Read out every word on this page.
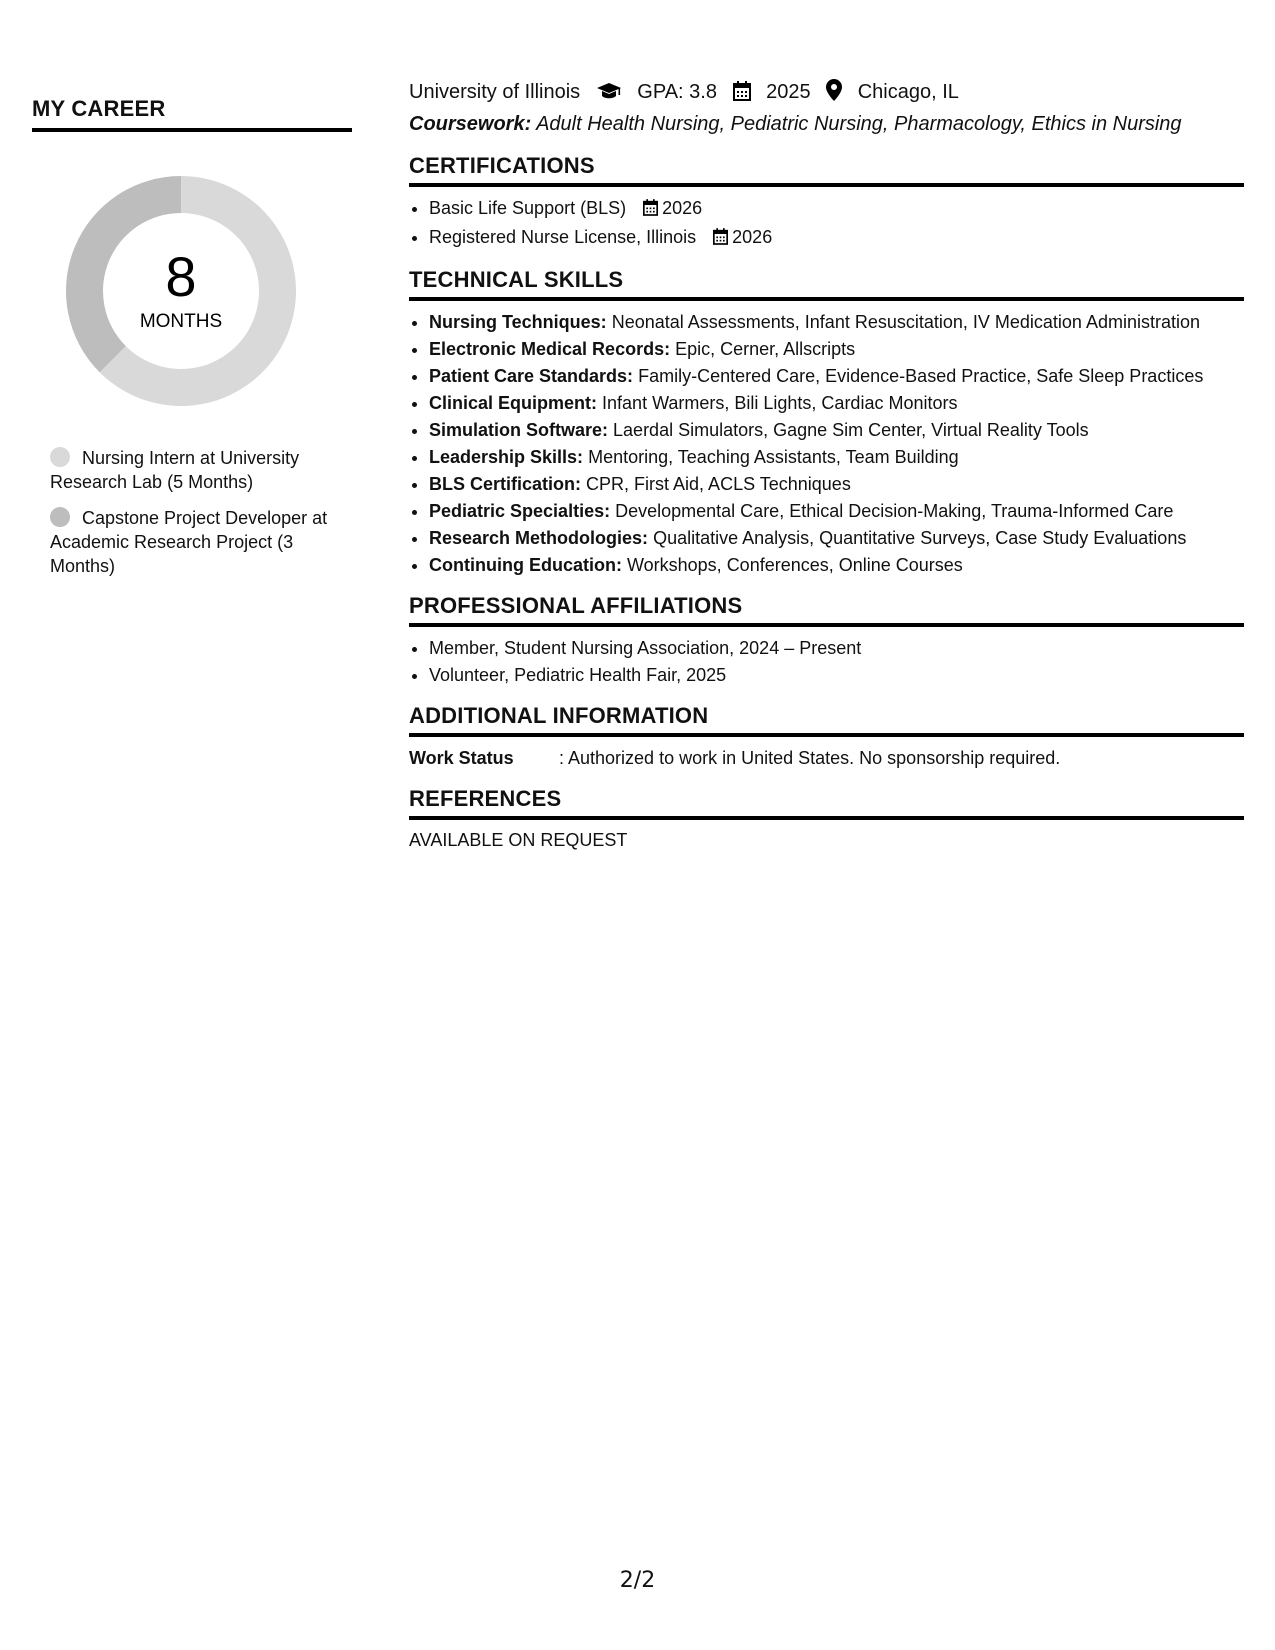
MY CAREER
8
MONTHS
Nursing Intern at University Research Lab (5 Months)
Capstone Project Developer at Academic Research Project (3 Months)
University of Illinois	GPA: 3.8 2025 Chicago, IL
Coursework: Adult Health Nursing, Pediatric Nursing, Pharmacology, Ethics in Nursing
CERTIFICATIONS
• Basic Life Support (BLS) 2026
• Registered Nurse License, Illinois 2026
TECHNICAL SKILLS
• Nursing Techniques: Neonatal Assessments, Infant Resuscitation, IV Medication Administration
• Electronic Medical Records: Epic, Cerner, Allscripts
• Patient Care Standards: Family-Centered Care, Evidence-Based Practice, Safe Sleep Practices
• Clinical Equipment: Infant Warmers, Bili Lights, Cardiac Monitors
• Simulation Software: Laerdal Simulators, Gagne Sim Center, Virtual Reality Tools
• Leadership Skills: Mentoring, Teaching Assistants, Team Building
• BLS Certification: CPR, First Aid, ACLS Techniques
• Pediatric Specialties: Developmental Care, Ethical Decision-Making, Trauma-Informed Care
• Research Methodologies: Qualitative Analysis, Quantitative Surveys, Case Study Evaluations
• Continuing Education: Workshops, Conferences, Online Courses
PROFESSIONAL AFFILIATIONS
• Member, Student Nursing Association, 2024 – Present
• Volunteer, Pediatric Health Fair, 2025
ADDITIONAL INFORMATION
Work Status	: Authorized to work in United States. No sponsorship required.
REFERENCES
AVAILABLE ON REQUEST
2/2
